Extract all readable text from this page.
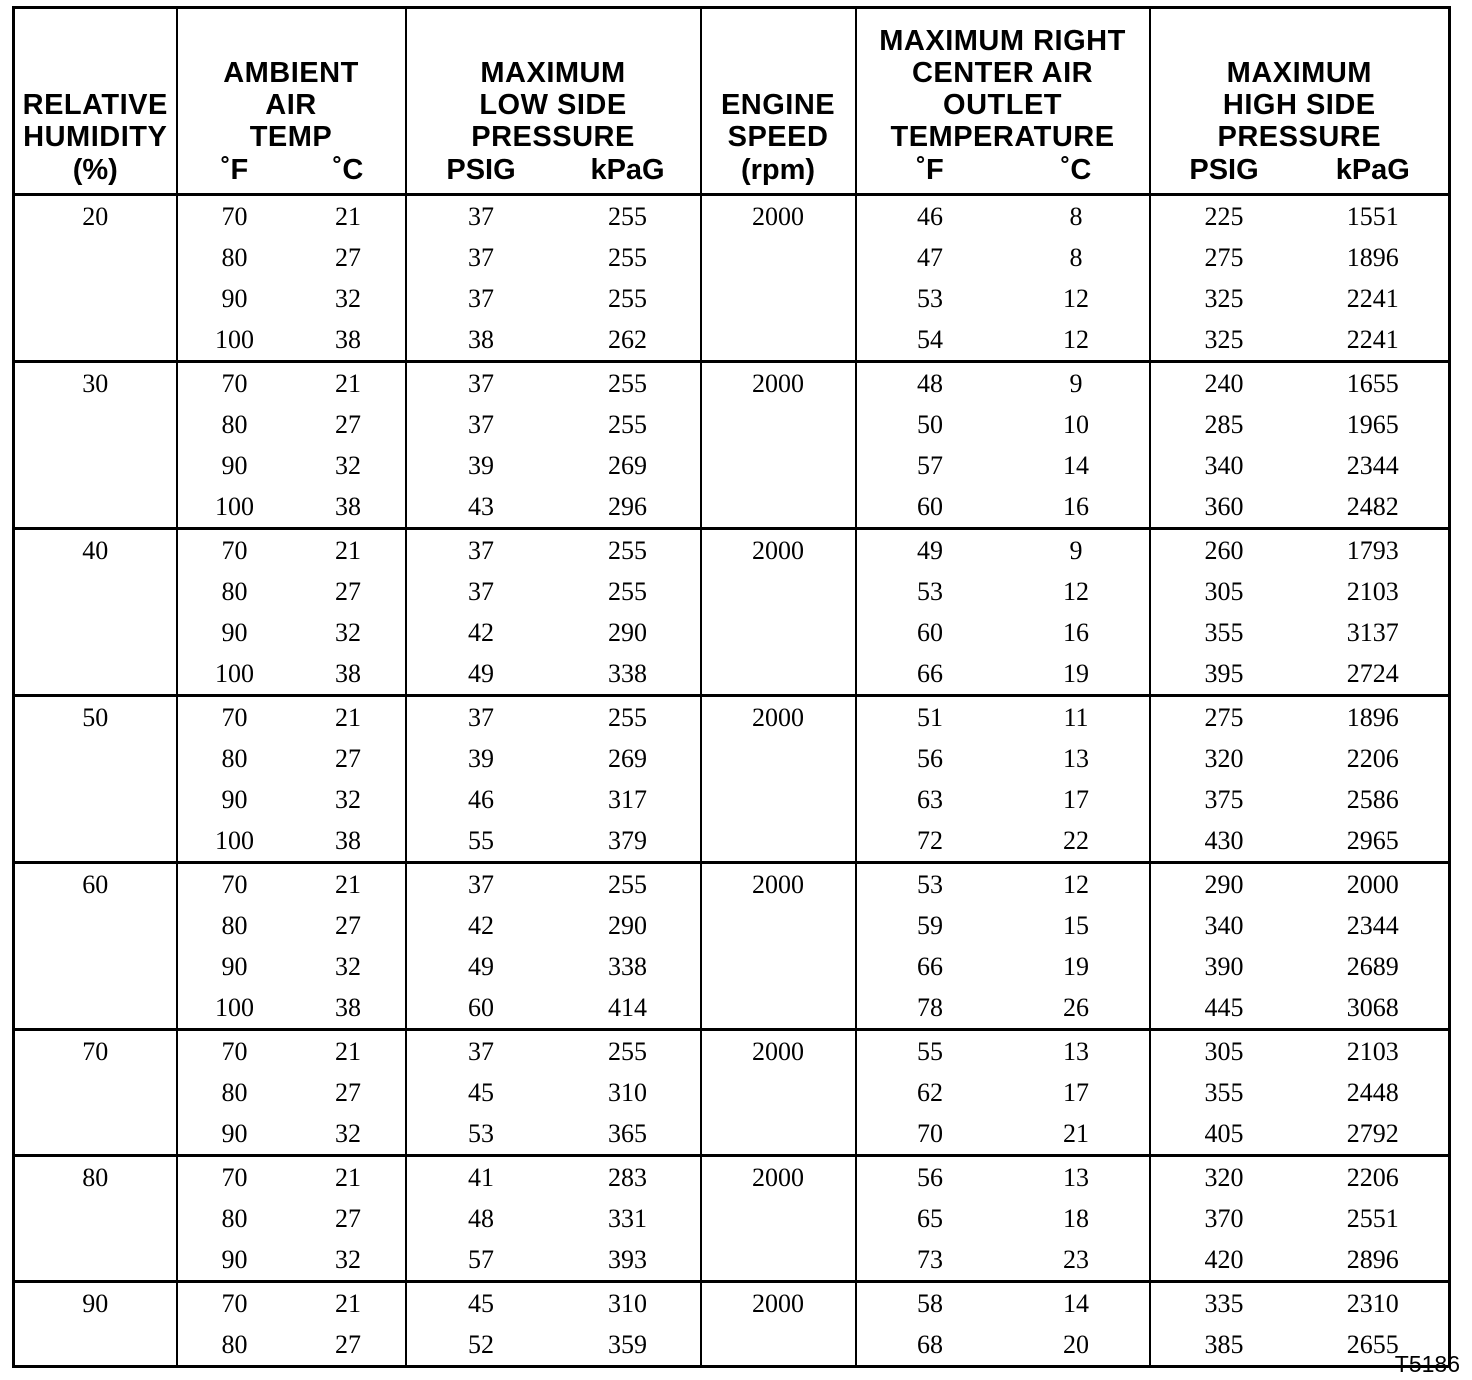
RELATIVE
HUMIDITY	AMBIENT
AIR
TEMP		MAXIMUM
LOW SIDE
PRESSURE		ENGINE
SPEED	MAXIMUM RIGHT
CENTER AIR
OUTLET
TEMPERATURE		MAXIMUM
HIGH SIDE
PRESSURE	

(%)	˚F	˚C	PSIG	kPaG	(rpm)	˚F	˚C	PSIG	kPaG
20	70	21	37	255	2000	46	8	225	1551
	80	27	37	255		47	8	275	1896
	90	32	37	255		53	12	325	2241
	100	38	38	262		54	12	325	2241
30	70	21	37	255	2000	48	9	240	1655
	80	27	37	255		50	10	285	1965
	90	32	39	269		57	14	340	2344
	100	38	43	296		60	16	360	2482
40	70	21	37	255	2000	49	9	260	1793
	80	27	37	255		53	12	305	2103
	90	32	42	290		60	16	355	3137
	100	38	49	338		66	19	395	2724
50	70	21	37	255	2000	51	11	275	1896
	80	27	39	269		56	13	320	2206
	90	32	46	317		63	17	375	2586
	100	38	55	379		72	22	430	2965
60	70	21	37	255	2000	53	12	290	2000
	80	27	42	290		59	15	340	2344
	90	32	49	338		66	19	390	2689
	100	38	60	414		78	26	445	3068
70	70	21	37	255	2000	55	13	305	2103
	80	27	45	310		62	17	355	2448
	90	32	53	365		70	21	405	2792
80	70	21	41	283	2000	56	13	320	2206
	80	27	48	331		65	18	370	2551
	90	32	57	393		73	23	420	2896
90	70	21	45	310	2000	58	14	335	2310
	80	27	52	359		68	20	385	2655
T5186
